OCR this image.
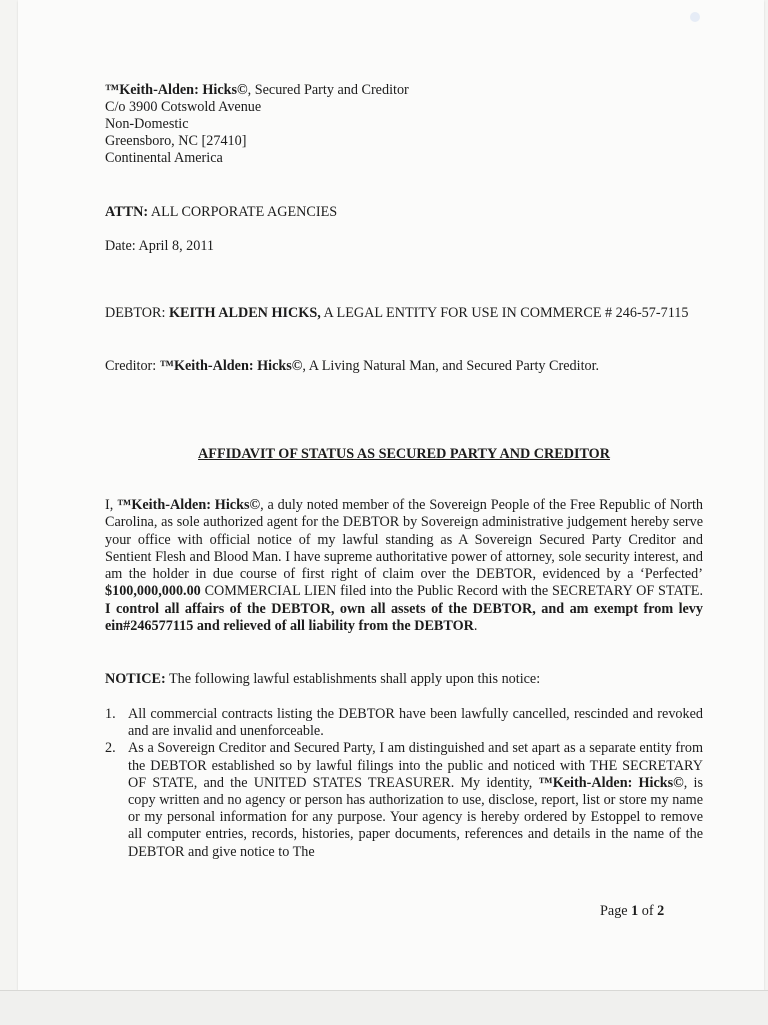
™Keith-Alden: Hicks©, Secured Party and Creditor
C/o 3900 Cotswold Avenue
Non-Domestic
Greensboro, NC [27410]
Continental America
ATTN: ALL CORPORATE AGENCIES
Date: April 8, 2011
DEBTOR: KEITH ALDEN HICKS, A LEGAL ENTITY FOR USE IN COMMERCE # 246-57-7115
Creditor: ™Keith-Alden: Hicks©, A Living Natural Man, and Secured Party Creditor.
AFFIDAVIT OF STATUS AS SECURED PARTY AND CREDITOR
I, ™Keith-Alden: Hicks©, a duly noted member of the Sovereign People of the Free Republic of North Carolina, as sole authorized agent for the DEBTOR by Sovereign administrative judgement hereby serve your office with official notice of my lawful standing as A Sovereign Secured Party Creditor and Sentient Flesh and Blood Man. I have supreme authoritative power of attorney, sole security interest, and am the holder in due course of first right of claim over the DEBTOR, evidenced by a ‘Perfected’ $100,000,000.00 COMMERCIAL LIEN filed into the Public Record with the SECRETARY OF STATE. I control all affairs of the DEBTOR, own all assets of the DEBTOR, and am exempt from levy ein#246577115 and relieved of all liability from the DEBTOR.
NOTICE: The following lawful establishments shall apply upon this notice:
1. All commercial contracts listing the DEBTOR have been lawfully cancelled, rescinded and revoked and are invalid and unenforceable.
2. As a Sovereign Creditor and Secured Party, I am distinguished and set apart as a separate entity from the DEBTOR established so by lawful filings into the public and noticed with THE SECRETARY OF STATE, and the UNITED STATES TREASURER. My identity, ™Keith-Alden: Hicks©, is copy written and no agency or person has authorization to use, disclose, report, list or store my name or my personal information for any purpose. Your agency is hereby ordered by Estoppel to remove all computer entries, records, histories, paper documents, references and details in the name of the DEBTOR and give notice to The
Page 1 of 2
